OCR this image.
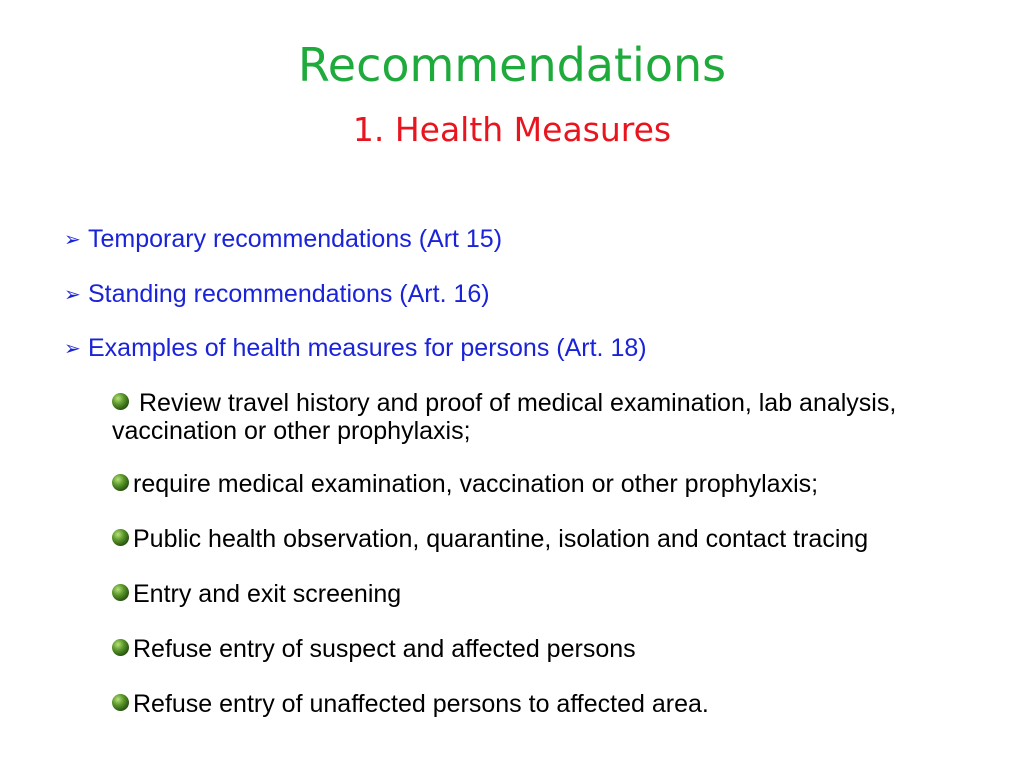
Recommendations
1. Health Measures
➢ Temporary recommendations (Art 15)
➢ Standing recommendations (Art. 16)
➢ Examples of health measures for persons (Art. 18)
Review travel history and proof of medical examination, lab analysis, vaccination or other prophylaxis;
require medical examination, vaccination or other prophylaxis;
Public health observation, quarantine, isolation and contact tracing
Entry and exit screening
Refuse entry of suspect and affected persons
Refuse entry of unaffected persons to affected area.
